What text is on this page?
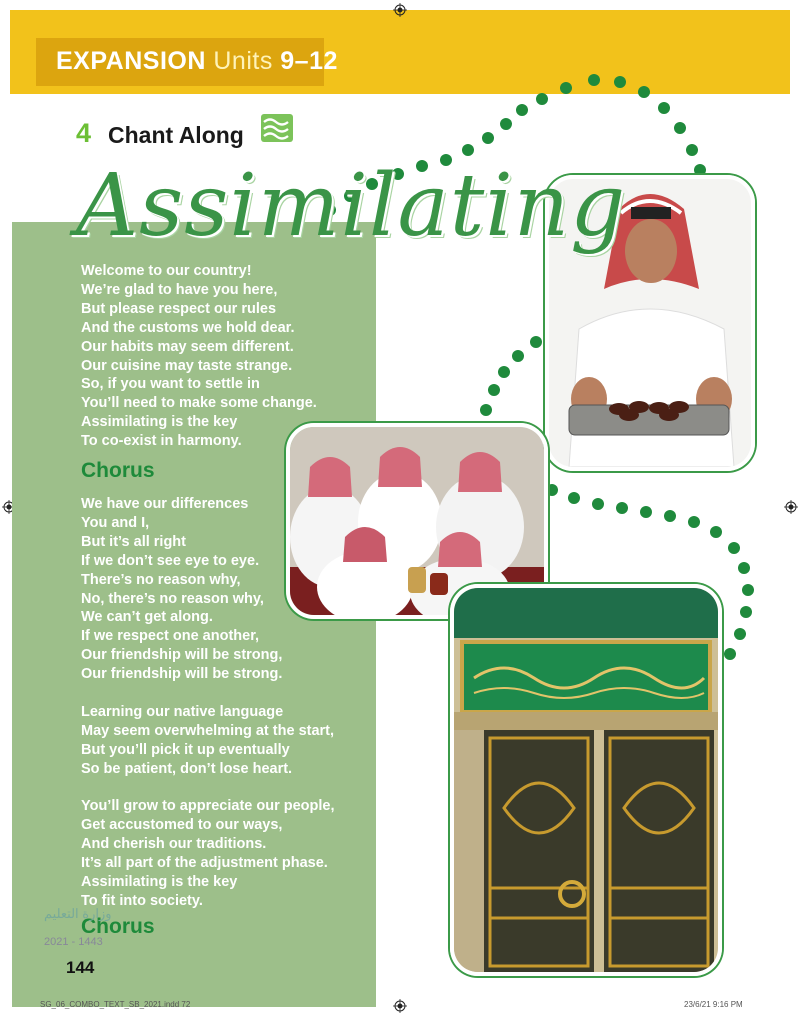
EXPANSION Units 9–12
4 Chant Along
Assimilating
Welcome to our country!
We’re glad to have you here,
But please respect our rules
And the customs we hold dear.
Our habits may seem different.
Our cuisine may taste strange.
So, if you want to settle in
You’ll need to make some change.
Assimilating is the key
To co-exist in harmony.
Chorus
We have our differences
You and I,
But it’s all right
If we don’t see eye to eye.
There’s no reason why,
No, there’s no reason why,
We can’t get along.
If we respect one another,
Our friendship will be strong,
Our friendship will be strong.
Learning our native language
May seem overwhelming at the start,
But you’ll pick it up eventually
So be patient, don’t lose heart.
You’ll grow to appreciate our people,
Get accustomed to our ways,
And cherish our traditions.
It’s all part of the adjustment phase.
Assimilating is the key
To fit into society.
Chorus
وزارة التعليم
2021 - 1443
144
SG_06_COMBO_TEXT_SB_2021.indd 72	23/6/21 9:16 PM
